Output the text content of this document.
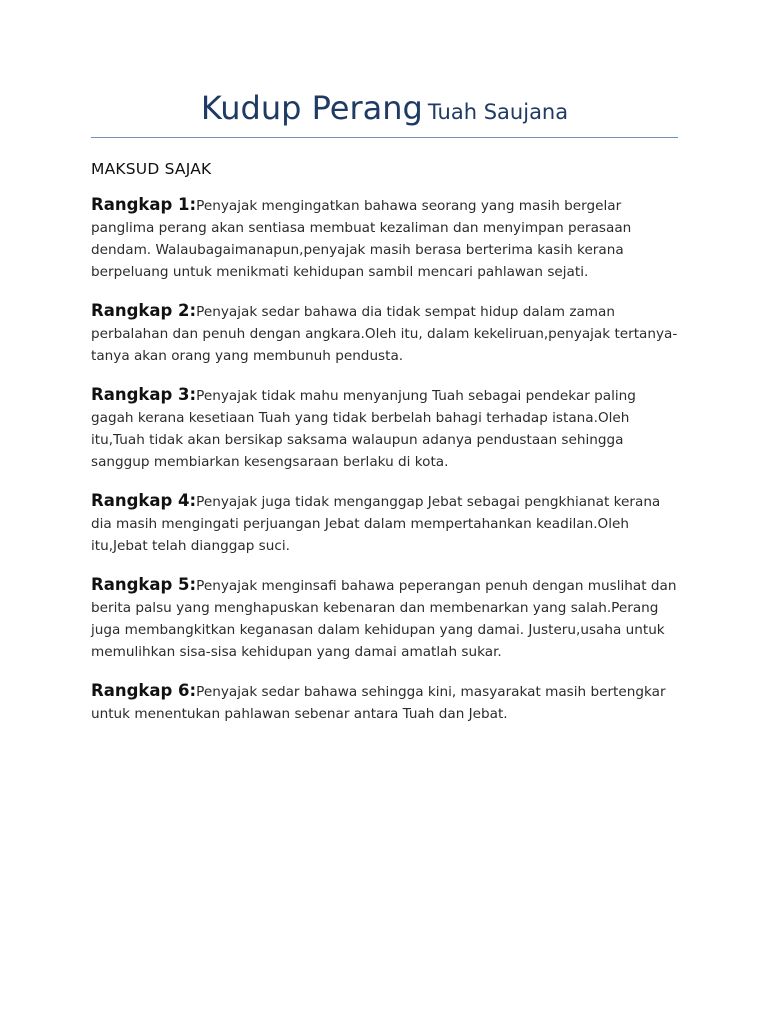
Kudup Perang Tuah Saujana
MAKSUD SAJAK

Rangkap 1:Penyajak mengingatkan bahawa seorang yang masih bergelar panglima perang akan sentiasa membuat kezaliman dan menyimpan perasaan dendam. Walaubagaimanapun,penyajak masih berasa berterima kasih kerana berpeluang untuk menikmati kehidupan sambil mencari pahlawan sejati.

Rangkap 2:Penyajak sedar bahawa dia tidak sempat hidup dalam zaman perbalahan dan penuh dengan angkara.Oleh itu, dalam kekeliruan,penyajak tertanya-tanya akan orang yang membunuh pendusta.

Rangkap 3:Penyajak tidak mahu menyanjung Tuah sebagai pendekar paling gagah kerana kesetiaan Tuah yang tidak berbelah bahagi terhadap istana.Oleh itu,Tuah tidak akan bersikap saksama walaupun adanya pendustaan sehingga sanggup membiarkan kesengsaraan berlaku di kota.

Rangkap 4:Penyajak juga tidak menganggap Jebat sebagai pengkhianat kerana dia masih mengingati perjuangan Jebat dalam mempertahankan keadilan.Oleh itu,Jebat telah dianggap suci.

Rangkap 5:Penyajak menginsafi bahawa peperangan penuh dengan muslihat dan berita palsu yang menghapuskan kebenaran dan membenarkan yang salah.Perang juga membangkitkan keganasan dalam kehidupan yang damai. Justeru,usaha untuk memulihkan sisa-sisa kehidupan yang damai amatlah sukar.

Rangkap 6:Penyajak sedar bahawa sehingga kini, masyarakat masih bertengkar untuk menentukan pahlawan sebenar antara Tuah dan Jebat.
